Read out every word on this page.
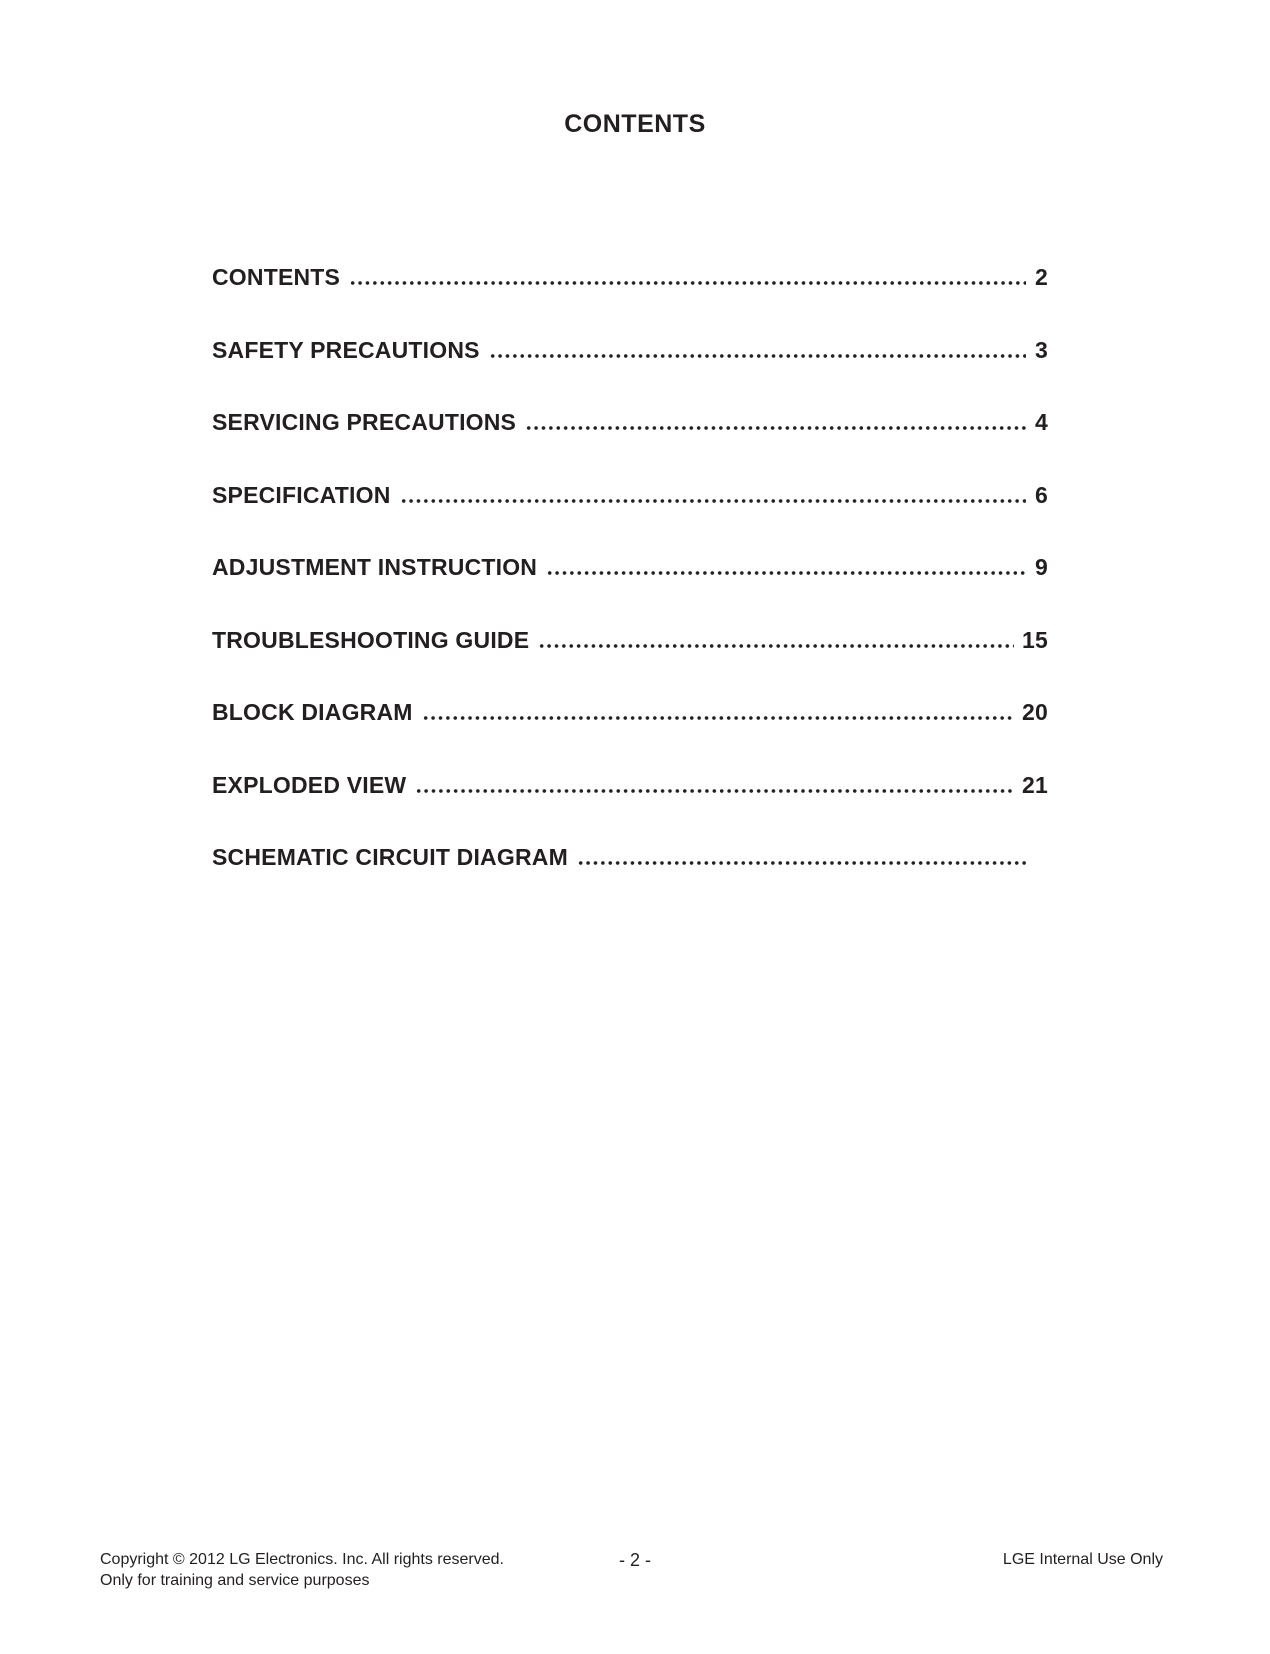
CONTENTS
CONTENTS	2
SAFETY PRECAUTIONS	3
SERVICING PRECAUTIONS	4
SPECIFICATION	6
ADJUSTMENT INSTRUCTION	9
TROUBLESHOOTING GUIDE	15
BLOCK DIAGRAM	20
EXPLODED VIEW	21
SCHEMATIC CIRCUIT DIAGRAM
Copyright © 2012 LG Electronics. Inc. All rights reserved.
Only for training and service purposes
- 2 -	LGE Internal Use Only
